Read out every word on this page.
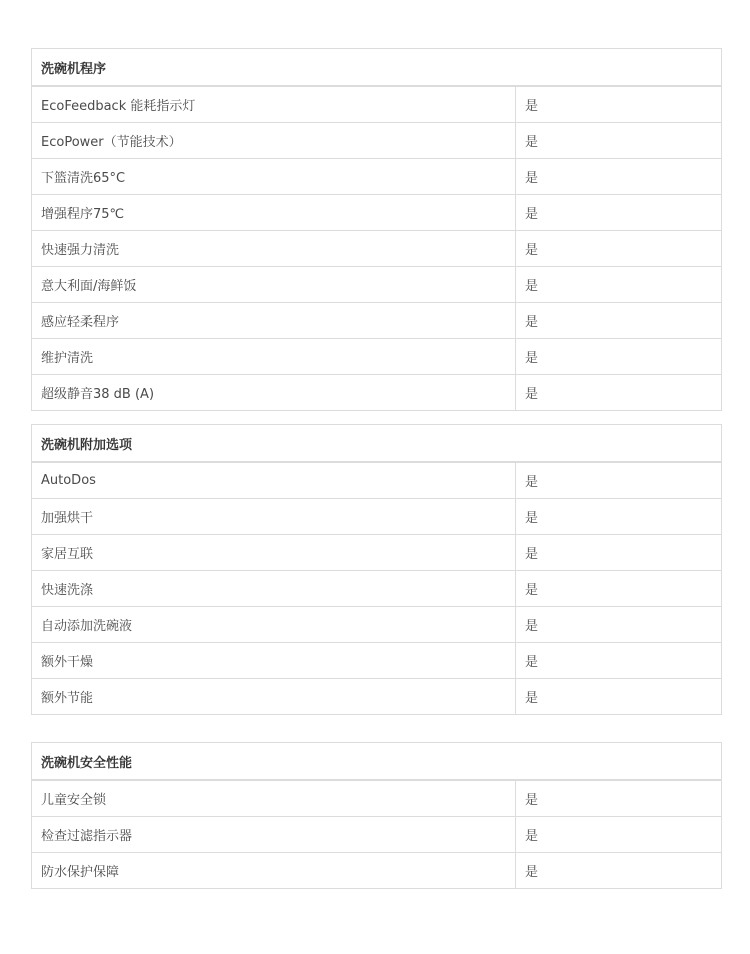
洗碗机程序	
EcoFeedback 能耗指示灯	是
EcoPower（节能技术）	是
下篮清洗65°C	是
增强程序75℃	是
快速强力清洗	是
意大利面/海鲜饭	是
感应轻柔程序	是
维护清洗	是
超级静音38 dB (A)	是
洗碗机附加选项	
AutoDos	是
加强烘干	是
家居互联	是
快速洗涤	是
自动添加洗碗液	是
额外干燥	是
额外节能	是
洗碗机安全性能	
儿童安全锁	是
检查过滤指示器	是
防水保护保障	是
